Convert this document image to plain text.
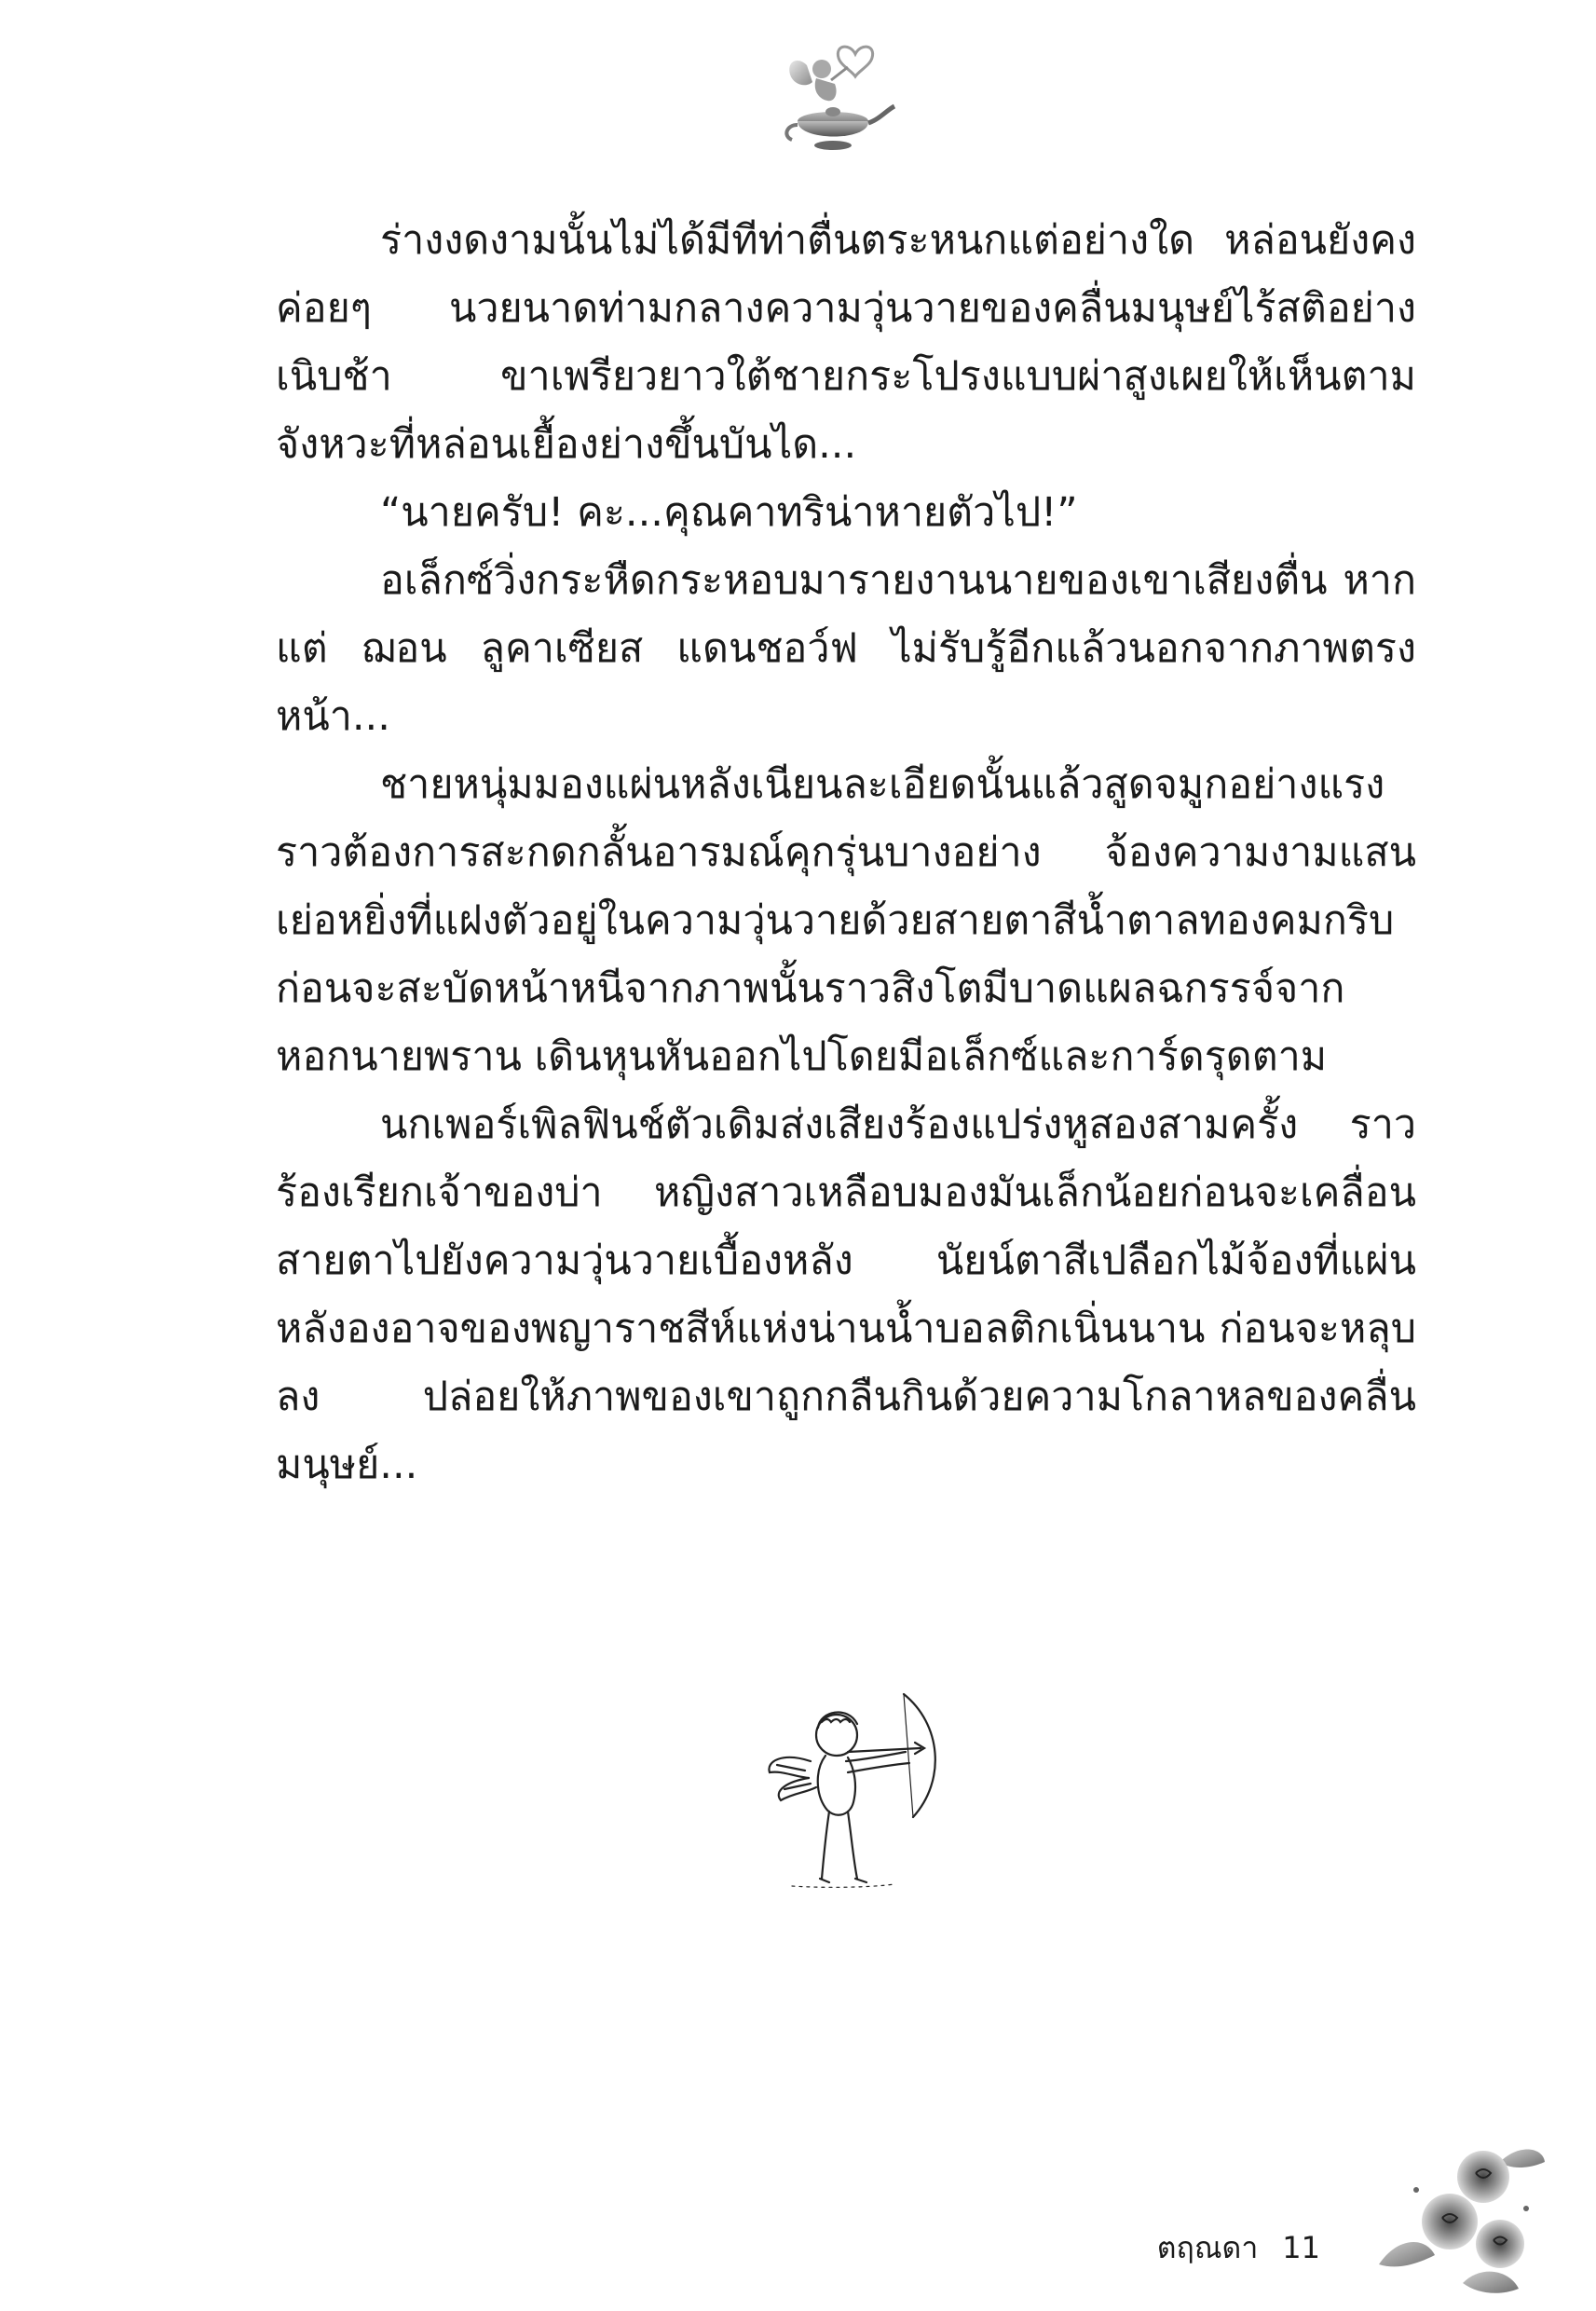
ร่างงดงามนั้นไม่ได้มีทีท่าตื่นตระหนกแต่อย่างใด หล่อนยังคงค่อยๆ นวยนาดท่ามกลางความวุ่นวายของคลื่นมนุษย์ไร้สติอย่างเนิบช้า ขาเพรียวยาวใต้ชายกระโปรงแบบผ่าสูงเผยให้เห็นตามจังหวะที่หล่อนเยื้องย่างขึ้นบันได...

“นายครับ! คะ...คุณคาทริน่าหายตัวไป!”

อเล็กซ์วิ่งกระหืดกระหอบมารายงานนายของเขาเสียงตื่น หากแต่ ฌอน ลูคาเซียส แดนชอว์ฟ ไม่รับรู้อีกแล้วนอกจากภาพตรงหน้า...

ชายหนุ่มมองแผ่นหลังเนียนละเอียดนั้นแล้วสูดจมูกอย่างแรง ราวต้องการสะกดกลั้นอารมณ์คุกรุ่นบางอย่าง จ้องความงามแสนเย่อหยิ่งที่แฝงตัวอยู่ในความวุ่นวายด้วยสายตาสีน้ำตาลทองคมกริบ ก่อนจะสะบัดหน้าหนีจากภาพนั้นราวสิงโตมีบาดแผลฉกรรจ์จากหอกนายพราน เดินหุนหันออกไปโดยมีอเล็กซ์และการ์ดรุดตาม

นกเพอร์เพิลฟินช์ตัวเดิมส่งเสียงร้องแปร่งหูสองสามครั้ง ราวร้องเรียกเจ้าของบ่า หญิงสาวเหลือบมองมันเล็กน้อยก่อนจะเคลื่อนสายตาไปยังความวุ่นวายเบื้องหลัง นัยน์ตาสีเปลือกไม้จ้องที่แผ่นหลังองอาจของพญาราชสีห์แห่งน่านน้ำบอลติกเนิ่นนาน ก่อนจะหลุบลง ปล่อยให้ภาพของเขาถูกกลืนกินด้วยความโกลาหลของคลื่นมนุษย์...

ตฤณดา 11
